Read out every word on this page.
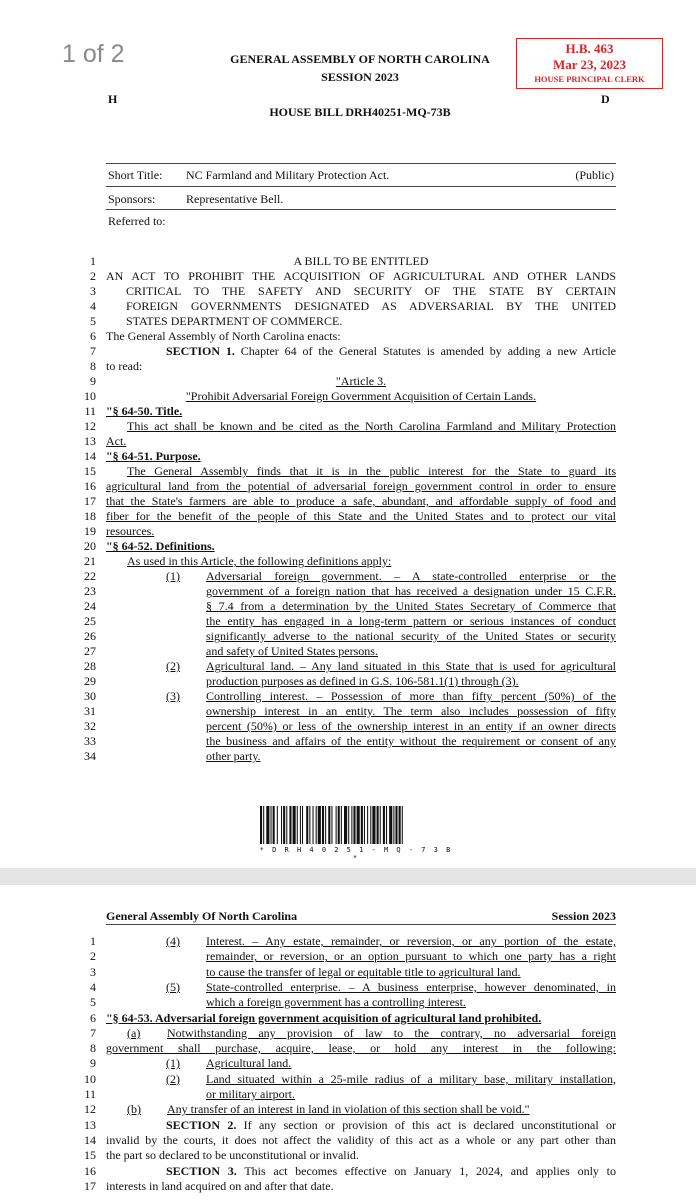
1 of 2	GENERAL ASSEMBLY OF NORTH CAROLINA
SESSION 2023
H.B. 463
Mar 23, 2023
HOUSE PRINCIPAL CLERK
H	D
HOUSE BILL DRH40251-MQ-73B
Short Title: NC Farmland and Military Protection Act.	(Public)
Sponsors:	Representative Bell.
Referred to:
1	A BILL TO BE ENTITLED
2 AN ACT TO PROHIBIT THE ACQUISITION OF AGRICULTURAL AND OTHER LANDS
3	CRITICAL TO THE SAFETY AND SECURITY OF THE STATE BY CERTAIN
4	FOREIGN GOVERNMENTS DESIGNATED AS ADVERSARIAL BY THE UNITED
5	STATES DEPARTMENT OF COMMERCE.
6 The General Assembly of North Carolina enacts:
7	SECTION 1. Chapter 64 of the General Statutes is amended by adding a new Article
8 to read:
9	"Article 3.
10	"Prohibit Adversarial Foreign Government Acquisition of Certain Lands.
11 "§ 64-50. Title.
12	This act shall be known and be cited as the North Carolina Farmland and Military Protection
13 Act.
14 "§ 64-51. Purpose.
15	The General Assembly finds that it is in the public interest for the State to guard its
16 agricultural land from the potential of adversarial foreign government control in order to ensure
17 that the State's farmers are able to produce a safe, abundant, and affordable supply of food and
18 fiber for the benefit of the people of this State and the United States and to protect our vital
19 resources.
20 "§ 64-52. Definitions.
21	As used in this Article, the following definitions apply:
22	(1) Adversarial foreign government. – A state-controlled enterprise or the
23	government of a foreign nation that has received a designation under 15 C.F.R.
24	§ 7.4 from a determination by the United States Secretary of Commerce that
25	the entity has engaged in a long-term pattern or serious instances of conduct
26	significantly adverse to the national security of the United States or security
27	and safety of United States persons.
28	(2) Agricultural land. – Any land situated in this State that is used for agricultural
29	production purposes as defined in G.S. 106-581.1(1) through (3).
30	(3) Controlling interest. – Possession of more than fifty percent (50%) of the
31	ownership interest in an entity. The term also includes possession of fifty
32	percent (50%) or less of the ownership interest in an entity if an owner directs
33	the business and affairs of the entity without the requirement or consent of any
34	other party.
* D R H 4 0 2 5 1 - M Q - 7 3 B *
General Assembly Of North Carolina	Session 2023
1	(4) Interest. – Any estate, remainder, or reversion, or any portion of the estate,
2	remainder, or reversion, or an option pursuant to which one party has a right
3	to cause the transfer of legal or equitable title to agricultural land.
4	(5) State-controlled enterprise. – A business enterprise, however denominated, in
5	which a foreign government has a controlling interest.
6 "§ 64-53. Adversarial foreign government acquisition of agricultural land prohibited.
7	(a) Notwithstanding any provision of law to the contrary, no adversarial foreign
8 government shall purchase, acquire, lease, or hold any interest in the following:
9	(1) Agricultural land.
10	(2) Land situated within a 25-mile radius of a military base, military installation,
11	or military airport.
12	(b) Any transfer of an interest in land in violation of this section shall be void."
13	SECTION 2. If any section or provision of this act is declared unconstitutional or
14 invalid by the courts, it does not affect the validity of this act as a whole or any part other than
15 the part so declared to be unconstitutional or invalid.
16	SECTION 3. This act becomes effective on January 1, 2024, and applies only to
17 interests in land acquired on and after that date.
